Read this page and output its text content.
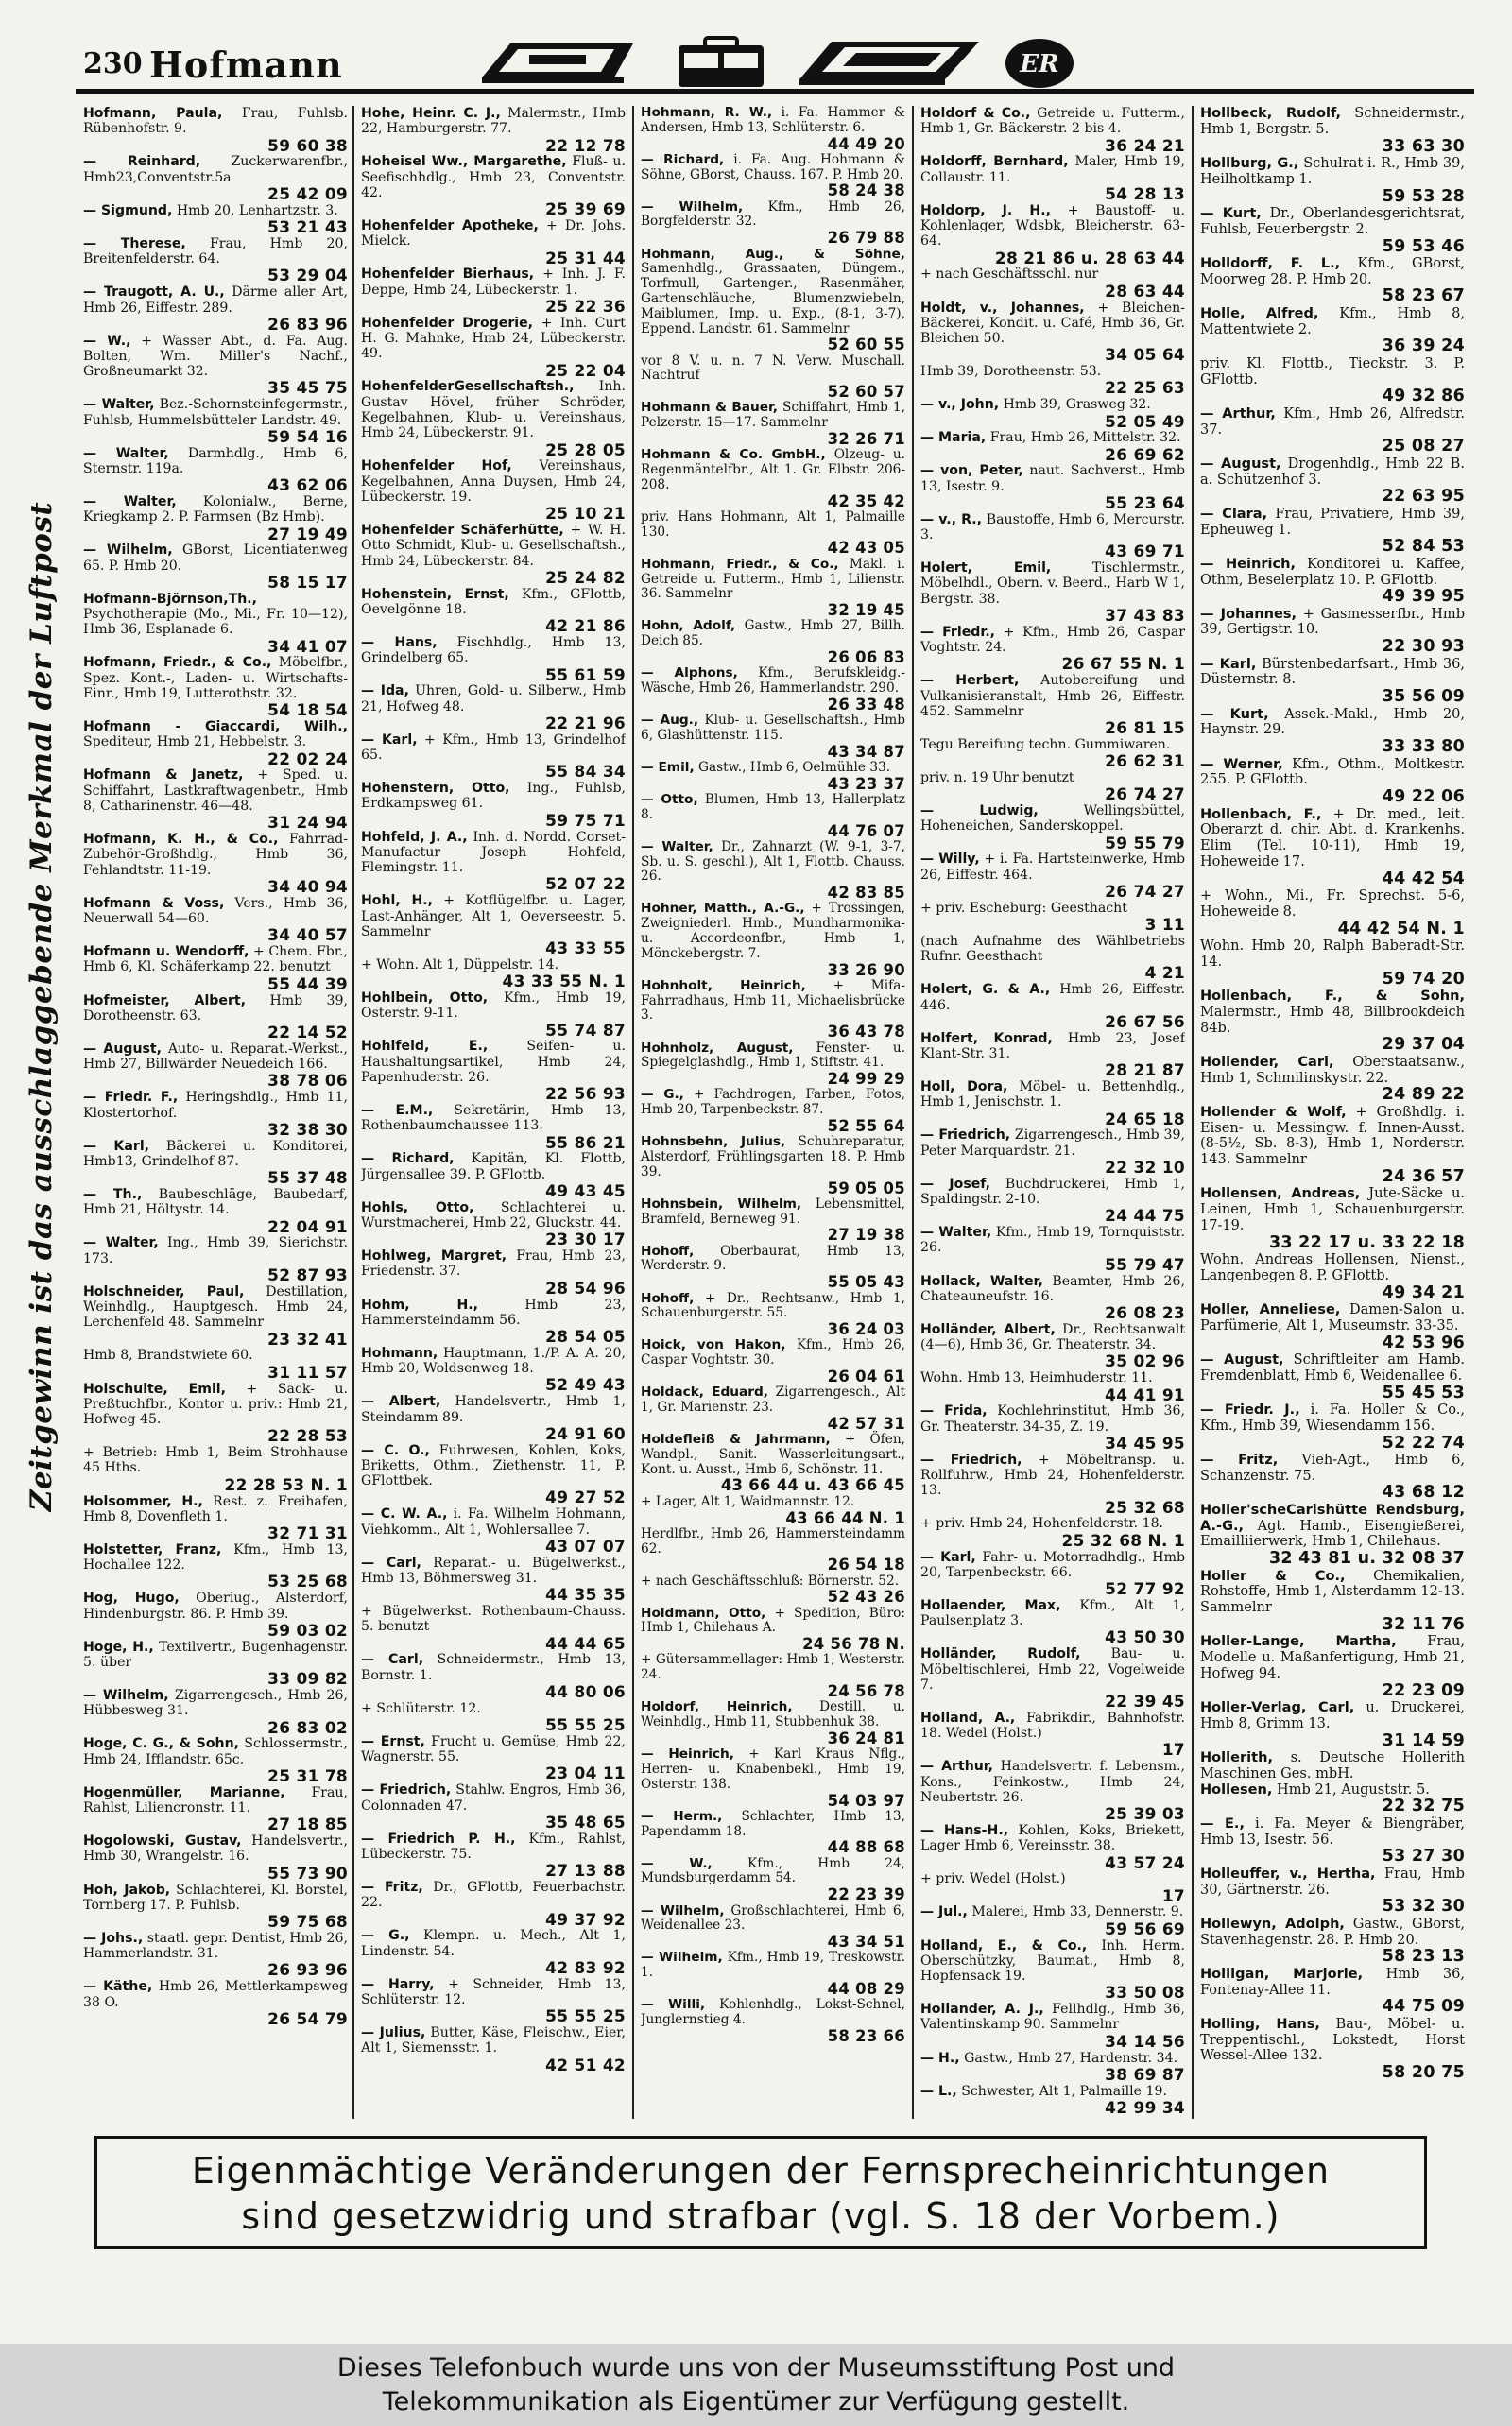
230 Hofmann	ER
Zeitgewinn ist das ausschlaggebende Merkmal der Luftpost
Hofmann, Paula, Frau, Fuhlsb. Rübenhofstr. 9.
59 60 38
— Reinhard, Zuckerwarenfbr., Hmb23,Conventstr.5a
25 42 09
— Sigmund, Hmb 20, Lenhartzstr. 3.
53 21 43
— Therese, Frau, Hmb 20, Breitenfelderstr. 64.
53 29 04
— Traugott, A. U., Därme aller Art, Hmb 26, Eiffestr. 289.
26 83 96
— W., + Wasser Abt., d. Fa. Aug. Bolten, Wm. Miller's Nachf., Großneumarkt 32.
35 45 75
— Walter, Bez.-Schornsteinfegermstr., Fuhlsb, Hummelsbütteler Landstr. 49.
59 54 16
— Walter, Darmhdlg., Hmb 6, Sternstr. 119a.
43 62 06
— Walter, Kolonialw., Berne, Kriegkamp 2. P. Farmsen (Bz Hmb).
27 19 49
— Wilhelm, GBorst, Licentiatenweg 65. P. Hmb 20.
58 15 17
Hofmann-Björnson,Th., Psychotherapie (Mo., Mi., Fr. 10—12), Hmb 36, Esplanade 6.
34 41 07
Hofmann, Friedr., & Co., Möbelfbr., Spez. Kont.-, Laden- u. Wirtschafts-Einr., Hmb 19, Lutterothstr. 32.
54 18 54
Hofmann - Giaccardi, Wilh., Spediteur, Hmb 21, Hebbelstr. 3.
22 02 24
Hofmann & Janetz, + Sped. u. Schiffahrt, Lastkraftwagenbetr., Hmb 8, Catharinenstr. 46—48.
31 24 94
Hofmann, K. H., & Co., Fahrrad-Zubehör-Großhdlg., Hmb 36, Fehlandtstr. 11-19.
34 40 94
Hofmann & Voss, Vers., Hmb 36, Neuerwall 54—60.
34 40 57
Hofmann u. Wendorff, + Chem. Fbr., Hmb 6, Kl. Schäferkamp 22. benutzt
55 44 39
Hofmeister, Albert, Hmb 39, Dorotheenstr. 63.
22 14 52
— August, Auto- u. Reparat.-Werkst., Hmb 27, Billwärder Neuedeich 166.
38 78 06
— Friedr. F., Heringshdlg., Hmb 11, Klostertorhof.
32 38 30
— Karl, Bäckerei u. Konditorei, Hmb13, Grindelhof 87.
55 37 48
— Th., Baubeschläge, Baubedarf, Hmb 21, Höltystr. 14.
22 04 91
— Walter, Ing., Hmb 39, Sierichstr. 173.
52 87 93
Holschneider, Paul, Destillation, Weinhdlg., Hauptgesch. Hmb 24, Lerchenfeld 48. Sammelnr
23 32 41
Hmb 8, Brandstwiete 60.
31 11 57
Holschulte, Emil, + Sack- u. Preßtuchfbr., Kontor u. priv.: Hmb 21, Hofweg 45.
22 28 53
+ Betrieb: Hmb 1, Beim Strohhause 45 Hths.
22 28 53 N. 1
Holsommer, H., Rest. z. Freihafen, Hmb 8, Dovenfleth 1.
32 71 31
Holstetter, Franz, Kfm., Hmb 13, Hochallee 122.
53 25 68
Hog, Hugo, Oberiug., Alsterdorf, Hindenburgstr. 86. P. Hmb 39.
59 03 02
Hoge, H., Textilvertr., Bugenhagenstr. 5. über
33 09 82
— Wilhelm, Zigarrengesch., Hmb 26, Hübbesweg 31.
26 83 02
Hoge, C. G., & Sohn, Schlossermstr., Hmb 24, Ifflandstr. 65c.
25 31 78
Hogenmüller, Marianne, Frau, Rahlst, Liliencronstr. 11.
27 18 85
Hogolowski, Gustav, Handelsvertr., Hmb 30, Wrangelstr. 16.
55 73 90
Hoh, Jakob, Schlachterei, Kl. Borstel, Tornberg 17. P. Fuhlsb.
59 75 68
— Johs., staatl. gepr. Dentist, Hmb 26, Hammerlandstr. 31.
26 93 96
— Käthe, Hmb 26, Mettlerkampsweg 38 O.
26 54 79
Hohe, Heinr. C. J., Malermstr., Hmb 22, Hamburgerstr. 77.
22 12 78
Hoheisel Ww., Margarethe, Fluß- u. Seefischhdlg., Hmb 23, Conventstr. 42.
25 39 69
Hohenfelder Apotheke, + Dr. Johs. Mielck.
25 31 44
Hohenfelder Bierhaus, + Inh. J. F. Deppe, Hmb 24, Lübeckerstr. 1.
25 22 36
Hohenfelder Drogerie, + Inh. Curt H. G. Mahnke, Hmb 24, Lübeckerstr. 49.
25 22 04
HohenfelderGesellschaftsh., Inh. Gustav Hövel, früher Schröder, Kegelbahnen, Klub- u. Vereinshaus, Hmb 24, Lübeckerstr. 91.
25 28 05
Hohenfelder Hof, Vereinshaus, Kegelbahnen, Anna Duysen, Hmb 24, Lübeckerstr. 19.
25 10 21
Hohenfelder Schäferhütte, + W. H. Otto Schmidt, Klub- u. Gesellschaftsh., Hmb 24, Lübeckerstr. 84.
25 24 82
Hohenstein, Ernst, Kfm., GFlottb, Oevelgönne 18.
42 21 86
— Hans, Fischhdlg., Hmb 13, Grindelberg 65.
55 61 59
— Ida, Uhren, Gold- u. Silberw., Hmb 21, Hofweg 48.
22 21 96
— Karl, + Kfm., Hmb 13, Grindelhof 65.
55 84 34
Hohenstern, Otto, Ing., Fuhlsb, Erdkampsweg 61.
59 75 71
Hohfeld, J. A., Inh. d. Nordd. Corset-Manufactur Joseph Hohfeld, Flemingstr. 11.
52 07 22
Hohl, H., + Kotflügelfbr. u. Lager, Last-Anhänger, Alt 1, Oeverseestr. 5. Sammelnr
43 33 55
+ Wohn. Alt 1, Düppelstr. 14.
43 33 55 N. 1
Hohlbein, Otto, Kfm., Hmb 19, Osterstr. 9-11.
55 74 87
Hohlfeld, E.,	Seifen- u. Haushaltungsartikel, Hmb 24, Papenhuderstr. 26.
22 56 93
— E.M., Sekretärin, Hmb 13, Rothenbaumchaussee 113.
55 86 21
— Richard, Kapitän, Kl. Flottb, Jürgensallee 39. P. GFlottb.
49 43 45
Hohls, Otto, Schlachterei u. Wurstmacherei, Hmb 22, Gluckstr. 44.
23 30 17
Hohlweg, Margret, Frau, Hmb 23, Friedenstr. 37.
28 54 96
Hohm, H.,	Hmb 23, Hammersteindamm 56.
28 54 05
Hohmann, Hauptmann, 1./P. A. A. 20, Hmb 20, Woldsenweg 18.
52 49 43
— Albert, Handelsvertr., Hmb 1, Steindamm 89.
24 91 60
— C. O., Fuhrwesen, Kohlen, Koks, Briketts, Othm., Ziethenstr. 11, P. GFlottbek.
49 27 52
— C. W. A., i. Fa. Wilhelm Hohmann, Viehkomm., Alt 1, Wohlersallee 7.
43 07 07
— Carl, Reparat.- u. Bügelwerkst., Hmb 13, Böhmersweg 31.
44 35 35
+ Bügelwerkst. Rothenbaum-Chauss. 5. benutzt
44 44 65
— Carl, Schneidermstr., Hmb 13, Bornstr. 1.
44 80 06
+ Schlüterstr. 12.
55 55 25
— Ernst, Frucht u. Gemüse, Hmb 22, Wagnerstr. 55.
23 04 11
— Friedrich, Stahlw. Engros, Hmb 36, Colonnaden 47.
35 48 65
— Friedrich P. H., Kfm., Rahlst, Lübeckerstr. 75.
27 13 88
— Fritz, Dr., GFlottb, Feuerbachstr. 22.
49 37 92
— G., Klempn. u. Mech., Alt 1, Lindenstr. 54.
42 83 92
— Harry, + Schneider, Hmb 13, Schlüterstr. 12.
55 55 25
— Julius, Butter, Käse, Fleischw., Eier, Alt 1, Siemensstr. 1.
42 51 42
Hohmann, R. W., i. Fa. Hammer & Andersen, Hmb 13, Schlüterstr. 6.
44 49 20
— Richard, i. Fa. Aug. Hohmann & Söhne, GBorst, Chauss. 167. P. Hmb 20.
58 24 38
— Wilhelm, Kfm., Hmb 26, Borgfelderstr. 32.
26 79 88
Hohmann, Aug., & Söhne, Samenhdlg., Grassaaten, Düngem., Torfmull, Gartenger., Rasenmäher, Gartenschläuche, Blumenzwiebeln, Maiblumen, Imp. u. Exp., (8-1, 3-7), Eppend. Landstr. 61. Sammelnr
52 60 55
vor 8 V. u. n. 7 N. Verw. Muschall. Nachtruf
52 60 57
Hohmann & Bauer, Schiffahrt, Hmb 1, Pelzerstr. 15—17. Sammelnr
32 26 71
Hohmann & Co. GmbH., Olzeug- u. Regenmäntelfbr., Alt 1. Gr. Elbstr. 206-208.
42 35 42
priv. Hans Hohmann, Alt 1, Palmaille 130.
42 43 05
Hohmann, Friedr., & Co., Makl. i. Getreide u. Futterm., Hmb 1, Lilienstr. 36. Sammelnr
32 19 45
Hohn, Adolf, Gastw., Hmb 27, Billh. Deich 85.
26 06 83
— Alphons, Kfm., Berufskleidg.-Wäsche, Hmb 26, Hammerlandstr. 290.
26 33 48
— Aug., Klub- u. Gesellschaftsh., Hmb 6, Glashüttenstr. 115.
43 34 87
— Emil, Gastw., Hmb 6, Oelmühle 33.
43 23 37
— Otto, Blumen, Hmb 13, Hallerplatz 8.
44 76 07
— Walter, Dr., Zahnarzt (W. 9-1, 3-7, Sb. u. S. geschl.), Alt 1, Flottb. Chauss. 26.
42 83 85
Hohner, Matth., A.-G., + Trossingen, Zweigniederl. Hmb., Mundharmonika- u. Accordeonfbr., Hmb 1, Mönckebergstr. 7.
33 26 90
Hohnholt, Heinrich, + Mifa-Fahrradhaus, Hmb 11, Michaelisbrücke 3.
36 43 78
Hohnholz, August, Fenster- u. Spiegelglashdlg., Hmb 1, Stiftstr. 41.
24 99 29
— G., + Fachdrogen, Farben, Fotos, Hmb 20, Tarpenbeckstr. 87.
52 55 64
Hohnsbehn, Julius, Schuhreparatur, Alsterdorf, Frühlingsgarten 18. P. Hmb 39.
59 05 05
Hohnsbein, Wilhelm, Lebensmittel, Bramfeld, Berneweg 91.
27 19 38
Hohoff, Oberbaurat, Hmb 13, Werderstr. 9.
55 05 43
Hohoff, + Dr., Rechtsanw., Hmb 1, Schauenburgerstr. 55.
36 24 03
Hoick, von Hakon, Kfm., Hmb 26, Caspar Voghtstr. 30.
26 04 61
Holdack, Eduard, Zigarrengesch., Alt 1, Gr. Marienstr. 23.
42 57 31
Holdefleiß & Jahrmann, + Öfen, Wandpl., Sanit. Wasserleitungsart., Kont. u. Ausst., Hmb 6, Schönstr. 11.
43 66 44 u. 43 66 45
+ Lager, Alt 1, Waidmannstr. 12.
43 66 44 N. 1
Herdlfbr., Hmb 26, Hammersteindamm 62.
26 54 18
+ nach Geschäftsschluß: Börnerstr. 52.
52 43 26
Holdmann, Otto, + Spedition, Büro: Hmb 1, Chilehaus A.
24 56 78 N.
+ Gütersammellager: Hmb 1, Westerstr. 24.
24 56 78
Holdorf, Heinrich, Destill. u. Weinhdlg., Hmb 11, Stubbenhuk 38.
36 24 81
— Heinrich, + Karl Kraus Nflg., Herren- u. Knabenbekl., Hmb 19, Osterstr. 138.
54 03 97
— Herm., Schlachter, Hmb 13, Papendamm 18.
44 88 68
— W.,	Kfm., Hmb 24, Mundsburgerdamm 54.
22 23 39
— Wilhelm, Großschlachterei, Hmb 6, Weidenallee 23.
43 34 51
— Wilhelm, Kfm., Hmb 19, Treskowstr. 1.
44 08 29
— Willi, Kohlenhdlg., Lokst-Schnel, Junglernstieg 4.
58 23 66
Holdorf & Co., Getreide u. Futterm., Hmb 1, Gr. Bäckerstr. 2 bis 4.
36 24 21
Holdorff, Bernhard, Maler, Hmb 19, Collaustr. 11.
54 28 13
Holdorp, J. H., + Baustoff- u. Kohlenlager, Wdsbk, Bleicherstr. 63-64.
28 21 86 u. 28 63 44
+ nach Geschäftsschl. nur
28 63 44
Holdt, v., Johannes, + Bleichen-Bäckerei, Kondit. u. Café, Hmb 36, Gr. Bleichen 50.
34 05 64
Hmb 39, Dorotheenstr. 53.
22 25 63
— v., John, Hmb 39, Grasweg 32.
52 05 49
— Maria, Frau, Hmb 26, Mittelstr. 32.
26 69 62
— von, Peter, naut. Sachverst., Hmb 13, Isestr. 9.
55 23 64
— v., R., Baustoffe, Hmb 6, Mercurstr. 3.
43 69 71
Holert, Emil,	Tischlermstr., Möbelhdl., Obern. v. Beerd., Harb W 1, Bergstr. 38.
37 43 83
— Friedr., + Kfm., Hmb 26, Caspar Voghtstr. 24.
26 67 55 N. 1
— Herbert, Autobereifung und Vulkanisieranstalt, Hmb 26, Eiffestr. 452. Sammelnr
26 81 15
Tegu Bereifung techn. Gummiwaren.
26 62 31
priv. n. 19 Uhr benutzt
26 74 27
— Ludwig,	Wellingsbüttel, Hoheneichen, Sanderskoppel.
59 55 79
— Willy, + i. Fa. Hartsteinwerke, Hmb 26, Eiffestr. 464.
26 74 27
+ priv. Escheburg: Geesthacht
3 11
(nach Aufnahme des Wählbetriebs Rufnr. Geesthacht
4 21
Holert, G. & A., Hmb 26, Eiffestr. 446.
26 67 56
Holfert, Konrad, Hmb 23, Josef Klant-Str. 31.
28 21 87
Holl, Dora, Möbel- u. Bettenhdlg., Hmb 1, Jenischstr. 1.
24 65 18
— Friedrich, Zigarrengesch., Hmb 39, Peter Marquardstr. 21.
22 32 10
— Josef, Buchdruckerei, Hmb 1, Spaldingstr. 2-10.
24 44 75
— Walter, Kfm., Hmb 19, Tornquiststr. 26.
55 79 47
Hollack, Walter, Beamter, Hmb 26, Chateauneufstr. 16.
26 08 23
Holländer, Albert, Dr., Rechtsanwalt (4—6), Hmb 36, Gr. Theaterstr. 34.
35 02 96
Wohn. Hmb 13, Heimhuderstr. 11.
44 41 91
— Frida, Kochlehrinstitut, Hmb 36, Gr. Theaterstr. 34-35, Z. 19.
34 45 95
— Friedrich, + Möbeltransp. u. Rollfuhrw., Hmb 24, Hohenfelderstr. 13.
25 32 68
+ priv. Hmb 24, Hohenfelderstr. 18.
25 32 68 N. 1
— Karl, Fahr- u. Motorradhdlg., Hmb 20, Tarpenbeckstr. 66.
52 77 92
Hollaender, Max, Kfm., Alt 1, Paulsenplatz 3.
43 50 30
Holländer, Rudolf, Bau- u. Möbeltischlerei, Hmb 22, Vogelweide 7.
22 39 45
Holland, A., Fabrikdir., Bahnhofstr. 18. Wedel (Holst.)
17
— Arthur, Handelsvertr. f. Lebensm., Kons., Feinkostw., Hmb 24, Neubertstr. 26.
25 39 03
— Hans-H., Kohlen, Koks, Briekett, Lager Hmb 6, Vereinsstr. 38.
43 57 24
+ priv. Wedel (Holst.)
17
— Jul., Malerei, Hmb 33, Dennerstr. 9.
59 56 69
Holland, E., & Co., Inh. Herm. Oberschützky, Baumat., Hmb 8, Hopfensack 19.
33 50 08
Hollander, A. J., Fellhdlg., Hmb 36, Valentinskamp 90. Sammelnr
34 14 56
— H., Gastw., Hmb 27, Hardenstr. 34.
38 69 87
— L., Schwester, Alt 1, Palmaille 19.
42 99 34
Hollbeck, Rudolf, Schneidermstr., Hmb 1, Bergstr. 5.
33 63 30
Hollburg, G., Schulrat i. R., Hmb 39, Heilholtkamp 1.
59 53 28
— Kurt, Dr., Oberlandesgerichtsrat, Fuhlsb, Feuerbergstr. 2.
59 53 46
Holldorff, F. L., Kfm., GBorst, Moorweg 28. P. Hmb 20.
58 23 67
Holle, Alfred, Kfm., Hmb 8, Mattentwiete 2.
36 39 24
priv. Kl. Flottb., Tieckstr. 3. P. GFlottb.
49 32 86
— Arthur, Kfm., Hmb 26, Alfredstr. 37.
25 08 27
— August, Drogenhdlg., Hmb 22 B. a. Schützenhof 3.
22 63 95
— Clara, Frau, Privatiere, Hmb 39, Epheuweg 1.
52 84 53
— Heinrich, Konditorei u. Kaffee, Othm, Beselerplatz 10. P. GFlottb.
49 39 95
— Johannes, + Gasmesserfbr., Hmb 39, Gertigstr. 10.
22 30 93
— Karl, Bürstenbedarfsart., Hmb 36, Düsternstr. 8.
35 56 09
— Kurt, Assek.-Makl., Hmb 20, Haynstr. 29.
33 33 80
— Werner, Kfm., Othm., Moltkestr. 255. P. GFlottb.
49 22 06
Hollenbach, F., + Dr. med., leit. Oberarzt d. chir. Abt. d. Krankenhs. Elim (Tel. 10-11), Hmb 19, Hoheweide 17.
44 42 54
+ Wohn., Mi., Fr. Sprechst. 5-6, Hoheweide 8.
44 42 54 N. 1
Wohn. Hmb 20, Ralph Baberadt-Str. 14.
59 74 20
Hollenbach, F., & Sohn, Malermstr., Hmb 48, Billbrookdeich 84b.
29 37 04
Hollender, Carl, Oberstaatsanw., Hmb 1, Schmilinskystr. 22.
24 89 22
Hollender & Wolf, + Großhdlg. i. Eisen- u. Messingw. f. Innen-Ausst. (8-5½, Sb. 8-3), Hmb 1, Norderstr. 143. Sammelnr
24 36 57
Hollensen, Andreas, Jute-Säcke u. Leinen, Hmb 1, Schauenburgerstr. 17-19.
33 22 17 u. 33 22 18
Wohn. Andreas Hollensen, Nienst., Langenbegen 8. P. GFlottb.
49 34 21
Holler, Anneliese, Damen-Salon u. Parfümerie, Alt 1, Museumstr. 33-35.
42 53 96
— August, Schriftleiter am Hamb. Fremdenblatt, Hmb 6, Weidenallee 6.
55 45 53
— Friedr. J., i. Fa. Holler & Co., Kfm., Hmb 39, Wiesendamm 156.
52 22 74
— Fritz, Vieh-Agt., Hmb 6, Schanzenstr. 75.
43 68 12
Holler'scheCarlshütte Rendsburg, A.-G., Agt. Hamb., Eisengießerei, Emailliierwerk, Hmb 1, Chilehaus.
32 43 81 u. 32 08 37
Holler & Co., Chemikalien, Rohstoffe, Hmb 1, Alsterdamm 12-13. Sammelnr
32 11 76
Holler-Lange, Martha, Frau, Modelle u. Maßanfertigung, Hmb 21, Hofweg 94.
22 23 09
Holler-Verlag, Carl, u. Druckerei, Hmb 8, Grimm 13.
31 14 59
Hollerith, s. Deutsche Hollerith Maschinen Ges. mbH.
Hollesen, Hmb 21, Auguststr. 5.
22 32 75
— E., i. Fa. Meyer & Biengräber, Hmb 13, Isestr. 56.
53 27 30
Holleuffer, v., Hertha, Frau, Hmb 30, Gärtnerstr. 26.
53 32 30
Hollewyn, Adolph, Gastw., GBorst, Stavenhagenstr. 28. P. Hmb 20.
58 23 13
Holligan, Marjorie, Hmb 36, Fontenay-Allee 11.
44 75 09
Holling, Hans, Bau-, Möbel- u. Treppentischl., Lokstedt, Horst Wessel-Allee 132.
58 20 75
Eigenmächtige Veränderungen der Fernsprecheinrichtungen
sind gesetzwidrig und strafbar (vgl. S. 18 der Vorbem.)
Dieses Telefonbuch wurde uns von der Museumsstiftung Post und
Telekommunikation als Eigentümer zur Verfügung gestellt.
